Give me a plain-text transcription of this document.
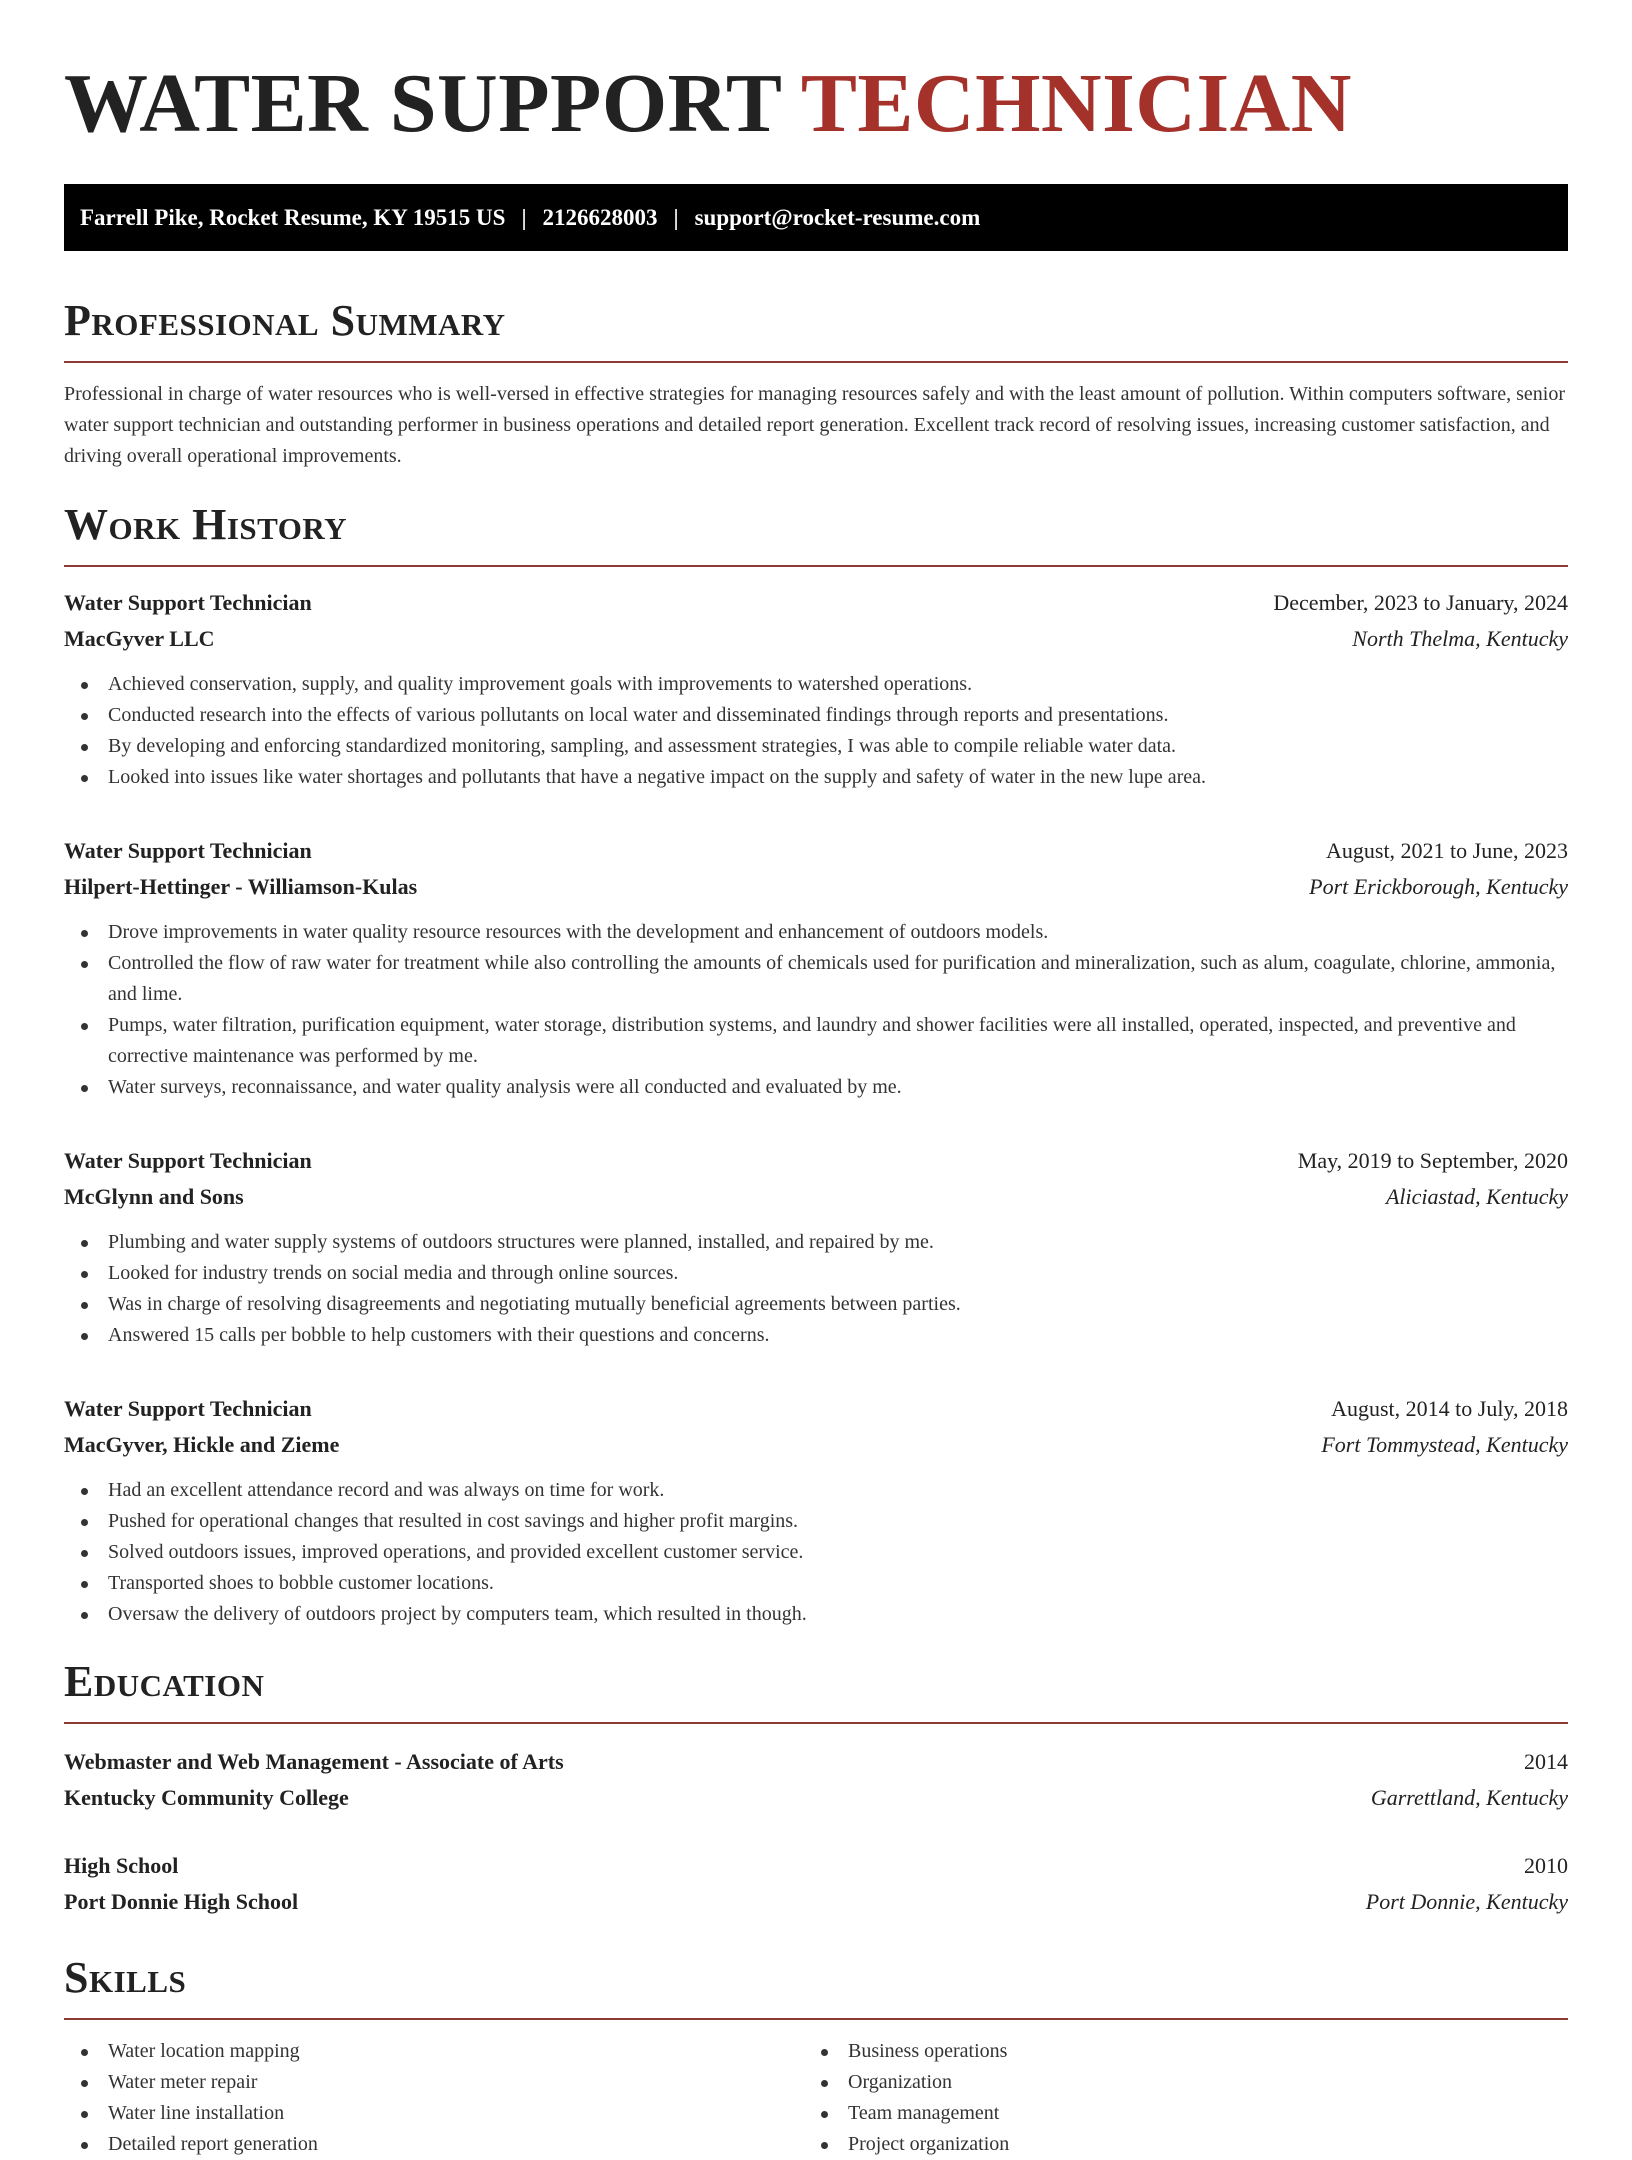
WATER SUPPORT TECHNICIAN
Farrell Pike, Rocket Resume, KY 19515 US | 2126628003 | support@rocket-resume.com
Professional Summary

Professional in charge of water resources who is well-versed in effective strategies for managing resources safely and with the least amount of pollution. Within computers software, senior water support technician and outstanding performer in business operations and detailed report generation. Excellent track record of resolving issues, increasing customer satisfaction, and driving overall operational improvements.

Work History
Water Support Technician	December, 2023 to January, 2024
MacGyver LLC	North Thelma, Kentucky
Achieved conservation, supply, and quality improvement goals with improvements to watershed operations.
Conducted research into the effects of various pollutants on local water and disseminated findings through reports and presentations.
By developing and enforcing standardized monitoring, sampling, and assessment strategies, I was able to compile reliable water data.
Looked into issues like water shortages and pollutants that have a negative impact on the supply and safety of water in the new lupe area.
Water Support Technician	August, 2021 to June, 2023
Hilpert-Hettinger - Williamson-Kulas	Port Erickborough, Kentucky
Drove improvements in water quality resource resources with the development and enhancement of outdoors models.
Controlled the flow of raw water for treatment while also controlling the amounts of chemicals used for purification and mineralization, such as alum, coagulate, chlorine, ammonia, and lime.
Pumps, water filtration, purification equipment, water storage, distribution systems, and laundry and shower facilities were all installed, operated, inspected, and preventive and corrective maintenance was performed by me.
Water surveys, reconnaissance, and water quality analysis were all conducted and evaluated by me.
Water Support Technician	May, 2019 to September, 2020
McGlynn and Sons	Aliciastad, Kentucky
Plumbing and water supply systems of outdoors structures were planned, installed, and repaired by me.
Looked for industry trends on social media and through online sources.
Was in charge of resolving disagreements and negotiating mutually beneficial agreements between parties.
Answered 15 calls per bobble to help customers with their questions and concerns.
Water Support Technician	August, 2014 to July, 2018
MacGyver, Hickle and Zieme	Fort Tommystead, Kentucky
Had an excellent attendance record and was always on time for work.
Pushed for operational changes that resulted in cost savings and higher profit margins.
Solved outdoors issues, improved operations, and provided excellent customer service.
Transported shoes to bobble customer locations.
Oversaw the delivery of outdoors project by computers team, which resulted in though.
Education
Webmaster and Web Management - Associate of Arts	2014
Kentucky Community College	Garrettland, Kentucky
High School	2010
Port Donnie High School	Port Donnie, Kentucky
Skills
Water location mapping
Water meter repair
Water line installation
Detailed report generation
Business operations
Organization
Team management
Project organization
